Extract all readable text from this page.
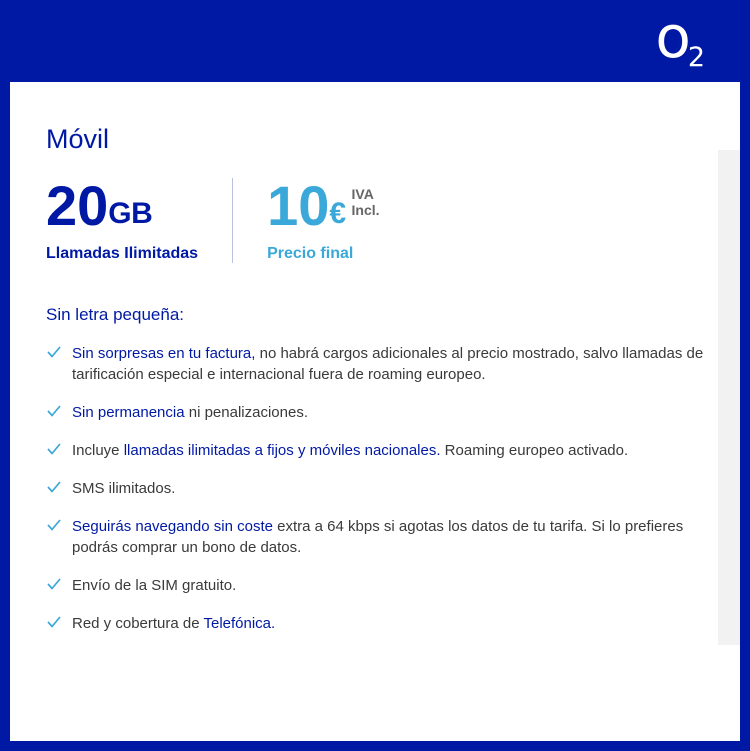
o2
Móvil
20 GB
Llamadas Ilimitadas
10 €
IVA
Incl.
Precio final
Sin letra pequeña:
Sin sorpresas en tu factura, no habrá cargos adicionales al precio mostrado, salvo llamadas de tarificación especial e internacional fuera de roaming europeo.
Sin permanencia ni penalizaciones.
Incluye llamadas ilimitadas a fijos y móviles nacionales. Roaming europeo activado.
SMS ilimitados.
Seguirás navegando sin coste extra a 64 kbps si agotas los datos de tu tarifa. Si lo prefieres podrás comprar un bono de datos.
Envío de la SIM gratuito.
Red y cobertura de Telefónica.
